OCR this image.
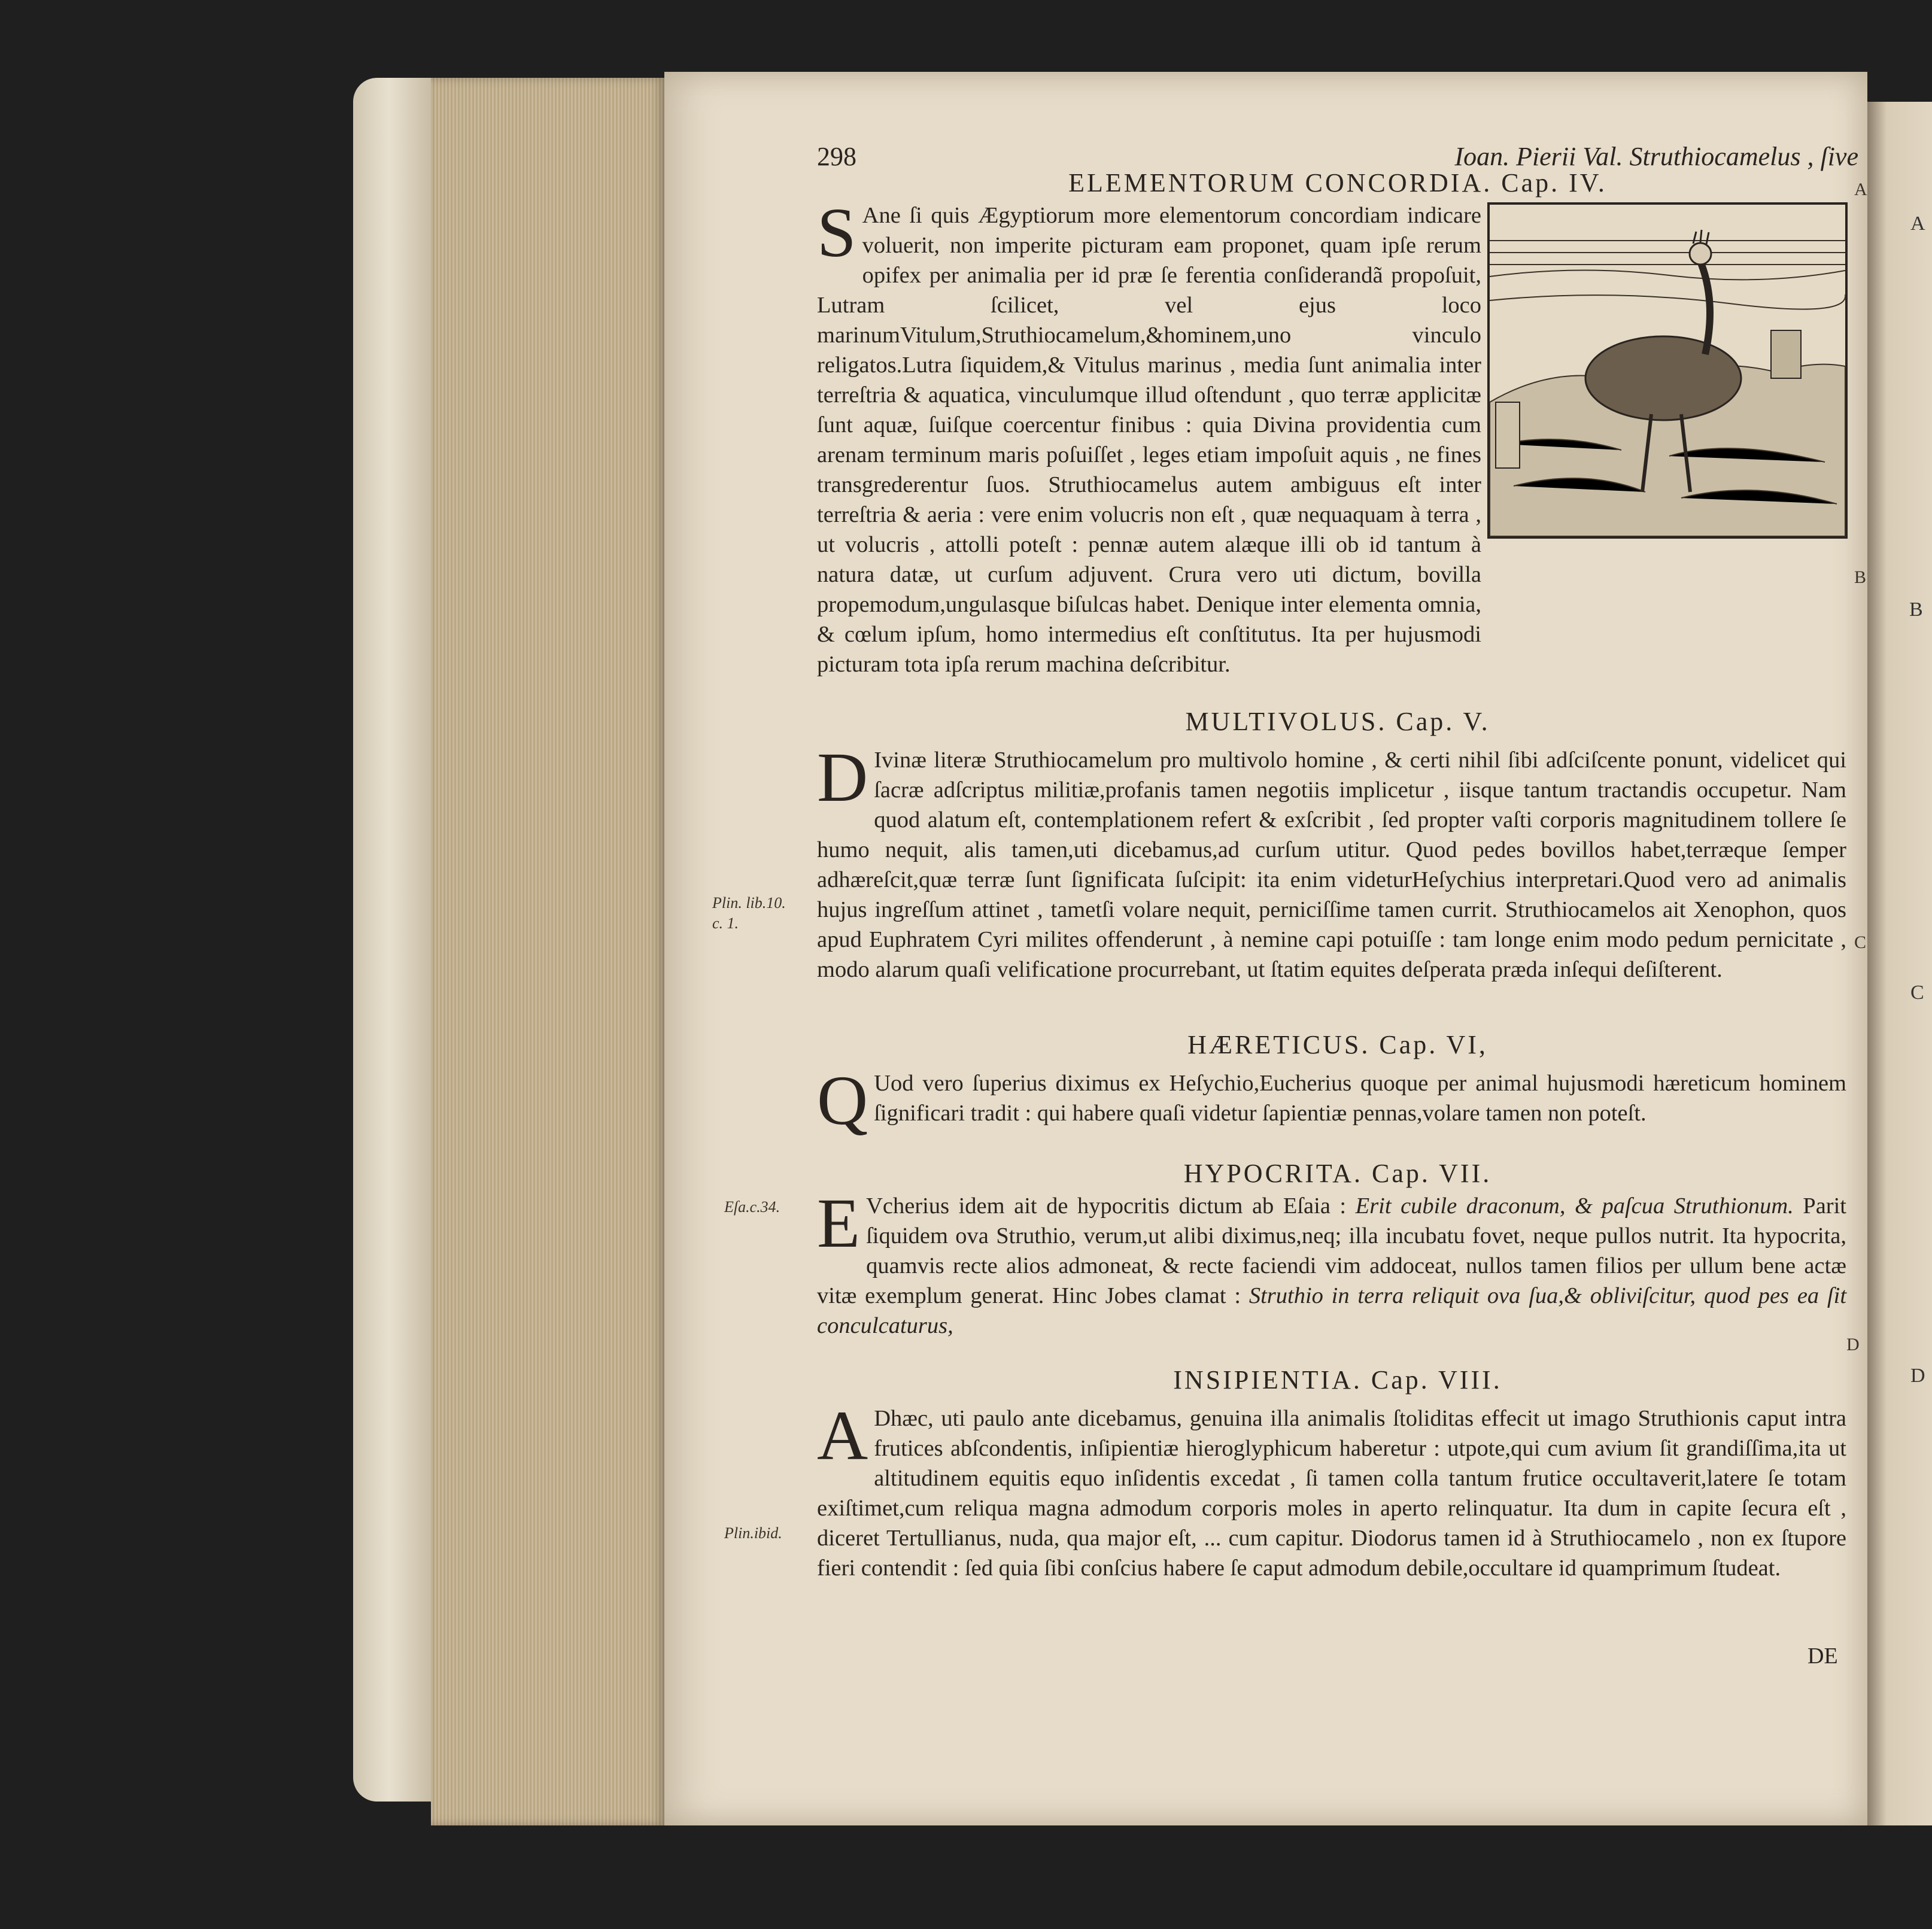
A
B
C
D
298	Ioan. Pierii Val. Struthiocamelus , ſive
A
B
C
D
ELEMENTORUM CONCORDIA. Cap. IV.
S Ane ſi quis Ægyptiorum more elementorum concordiam indicare voluerit, non imperite picturam eam proponet, quam ipſe rerum opifex per animalia per id præ ſe ferentia conſiderandã propoſuit, Lutram ſcilicet, vel ejus loco marinumVitulum,Struthiocamelum,&hominem,uno vinculo religatos.Lutra ſiquidem,& Vitulus marinus , media ſunt animalia inter terreſtria & aquatica, vinculumque illud oſtendunt , quo terræ applicitæ ſunt aquæ, ſuiſque coercentur finibus : quia Divina providentia cum arenam terminum maris poſuiſſet , leges etiam impoſuit aquis , ne fines transgrederentur ſuos. Struthiocamelus autem ambiguus eſt inter terreſtria & aeria : vere enim volucris non eſt , quæ nequaquam à terra , ut volucris , attolli poteſt : pennæ autem alæque illi ob id tantum à natura datæ, ut curſum adjuvent. Crura vero uti dictum, bovilla propemodum,ungulasque biſulcas habet. Denique inter elementa omnia, & cœlum ipſum, homo intermedius eſt conſtitutus. Ita per hujusmodi picturam tota ipſa rerum machina deſcribitur.
MULTIVOLUS. Cap. V.
D Ivinæ literæ Struthiocamelum pro multivolo homine , & certi nihil ſibi adſciſcente ponunt, videlicet qui ſacræ adſcriptus militiæ,profanis tamen negotiis implicetur , iisque tantum tractandis occupetur. Nam quod alatum eſt, contemplationem refert & exſcribit , ſed propter vaſti corporis magnitudinem tollere ſe humo nequit, alis tamen,uti dicebamus,ad curſum utitur. Quod pedes bovillos habet,terræque ſemper adhæreſcit,quæ terræ ſunt ſignificata ſuſcipit: ita enim videturHeſychius interpretari.Quod vero ad animalis hujus ingreſſum attinet , tametſi volare nequit, perniciſſime tamen currit. Struthiocamelos ait Xenophon, quos apud Euphratem Cyri milites offenderunt , à nemine capi potuiſſe : tam longe enim modo pedum pernicitate , modo alarum quaſi velificatione procurrebant, ut ſtatim equites deſperata præda inſequi deſiſterent.
HÆRETICUS. Cap. VI,
Q Uod vero ſuperius diximus ex Heſychio,Eucherius quoque per animal hujusmodi hæreticum hominem ſignificari tradit : qui habere quaſi videtur ſapientiæ pennas,volare tamen non poteſt.
HYPOCRITA. Cap. VII.
E Vcherius idem ait de hypocritis dictum ab Eſaia : Erit cubile draconum, & paſcua Struthionum. Parit ſiquidem ova Struthio, verum,ut alibi diximus,neq; illa incubatu fovet, neque pullos nutrit. Ita hypocrita, quamvis recte alios admoneat, & recte faciendi vim addoceat, nullos tamen filios per ullum bene actæ vitæ exemplum generat. Hinc Jobes clamat : Struthio in terra reliquit ova ſua,& obliviſcitur, quod pes ea ſit conculcaturus,
INSIPIENTIA. Cap. VIII.
A Dhæc, uti paulo ante dicebamus, genuina illa animalis ſtoliditas effecit ut imago Struthionis caput intra frutices abſcondentis, inſipientiæ hieroglyphicum haberetur : utpote,qui cum avium ſit grandiſſima,ita ut altitudinem equitis equo inſidentis excedat , ſi tamen colla tantum frutice occultaverit,latere ſe totam exiſtimet,cum reliqua magna admodum corporis moles in aperto relinquatur. Ita dum in capite ſecura eſt , diceret Tertullianus, nuda, qua major eſt, ... cum capitur. Diodorus tamen id à Struthiocamelo , non ex ſtupore fieri contendit : ſed quia ſibi conſcius habere ſe caput admodum debile,occultare id quamprimum ſtudeat.
Plin. lib.10.
c. 1.
Eſa.c.34.
Plin.ibid.
DE
